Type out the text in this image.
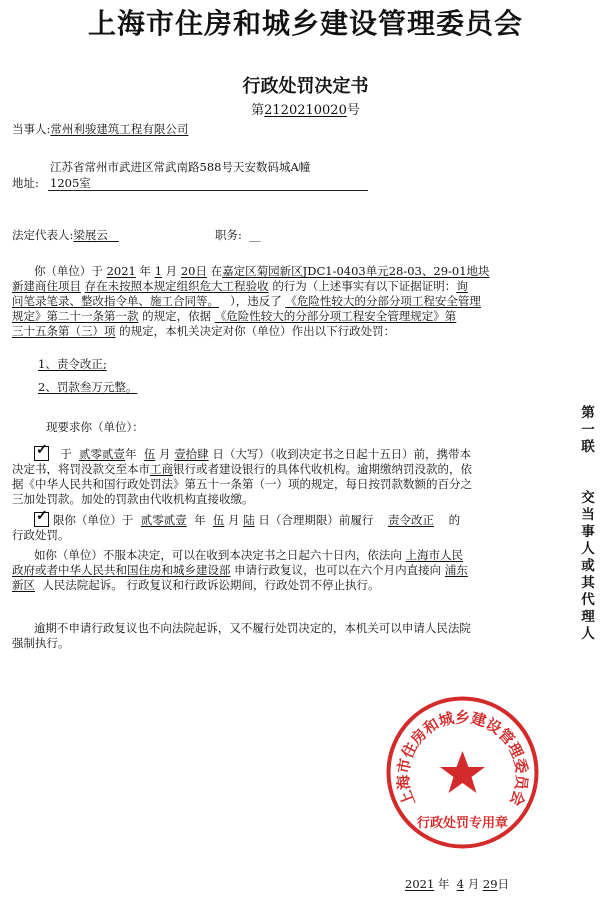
上海市住房和城乡建设管理委员会
行政处罚决定书
第2120210020号
当事人:常州利骏建筑工程有限公司
江苏省常州市武进区常武南路588号天安数码城A幢
地址: 1205室
法定代表人:梁展云	职务: __
你（单位）于 2021 年 1 月 20日 在嘉定区菊园新区JDC1-0403单元28-03、29-01地块
新建商住项目 存在未按照本规定组织危大工程验收 的行为（上述事实有以下证据证明：询
问笔录笔录、整改指令单、施工合同等。 ），违反了 《危险性较大的分部分项工程安全管理
规定》第二十一条第一款 的规定，依据 《危险性较大的分部分项工程安全管理规定》第
三十五条第（三）项 的规定，本机关决定对你（单位）作出以下行政处罚：
1、责令改正;
2、罚款叁万元整。
现要求你（单位）：

✓ 于 贰零贰壹年 伍 月 壹拾肆 日（大写）（收到决定书之日起十五日）前，携带本
决定书，将罚没款交至本市工商银行或者建设银行的具体代收机构。逾期缴纳罚没款的，依
据《中华人民共和国行政处罚法》第五十一条第（一）项的规定，每日按罚款数额的百分之
三加处罚款。加处的罚款由代收机构直接收缴。

✓ 限你（单位）于 贰零贰壹 年 伍 月 陆 日（合理期限）前履行 责令改正 的
行政处罚。
如你（单位）不服本决定，可以在收到本决定书之日起六十日内，依法向 上海市人民
政府或者中华人民共和国住房和城乡建设部 申请行政复议，也可以在六个月内直接向 浦东
新区 人民法院起诉。 行政复议和行政诉讼期间，行政处罚不停止执行。
逾期不申请行政复议也不向法院起诉，又不履行处罚决定的，本机关可以申请人民法院
强制执行。
第
一
联
交
当
事
人
或
其
代
理
人
上海市住房和城乡建设管理委员会
行政处罚专用章
2021 年 4 月 29日
